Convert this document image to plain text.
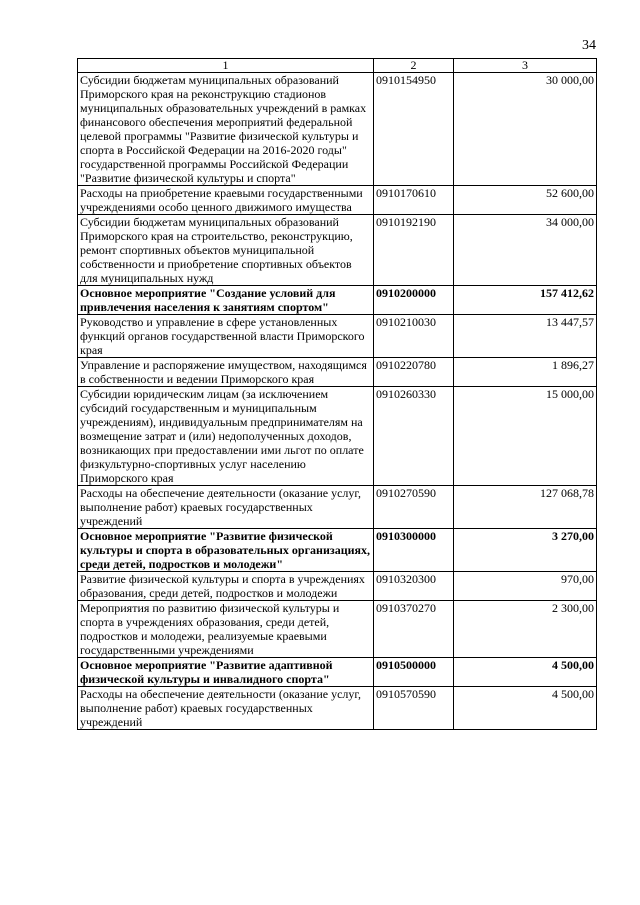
34
1	2	3
Субсидии бюджетам муниципальных образований Приморского края на реконструкцию стадионов муниципальных образовательных учреждений в рамках финансового обеспечения мероприятий федеральной целевой программы "Развитие физической культуры и спорта в Российской Федерации на 2016-2020 годы" государственной программы Российской Федерации "Развитие физической культуры и спорта"	0910154950	30 000,00
Расходы на приобретение краевыми государственными учреждениями особо ценного движимого имущества	0910170610	52 600,00
Субсидии бюджетам муниципальных образований Приморского края на строительство, реконструкцию, ремонт спортивных объектов муниципальной собственности и приобретение спортивных объектов для муниципальных нужд	0910192190	34 000,00
Основное мероприятие "Создание условий для привлечения населения к занятиям спортом"	0910200000	157 412,62
Руководство и управление в сфере установленных функций органов государственной власти Приморского края	0910210030	13 447,57
Управление и распоряжение имуществом, находящимся в собственности и ведении Приморского края	0910220780	1 896,27
Субсидии юридическим лицам (за исключением субсидий государственным и муниципальным учреждениям), индивидуальным предпринимателям на возмещение затрат и (или) недополученных доходов, возникающих при предоставлении ими льгот по оплате физкультурно-спортивных услуг населению Приморского края	0910260330	15 000,00
Расходы на обеспечение деятельности (оказание услуг, выполнение работ) краевых государственных учреждений	0910270590	127 068,78
Основное мероприятие "Развитие физической культуры и спорта в образовательных организациях, среди детей, подростков и молодежи"	0910300000	3 270,00
Развитие физической культуры и спорта в учреждениях образования, среди детей, подростков и молодежи	0910320300	970,00
Мероприятия по развитию физической культуры и спорта в учреждениях образования, среди детей, подростков и молодежи, реализуемые краевыми государственными учреждениями	0910370270	2 300,00
Основное мероприятие "Развитие адаптивной физической культуры и инвалидного спорта"	0910500000	4 500,00
Расходы на обеспечение деятельности (оказание услуг, выполнение работ) краевых государственных учреждений	0910570590	4 500,00
